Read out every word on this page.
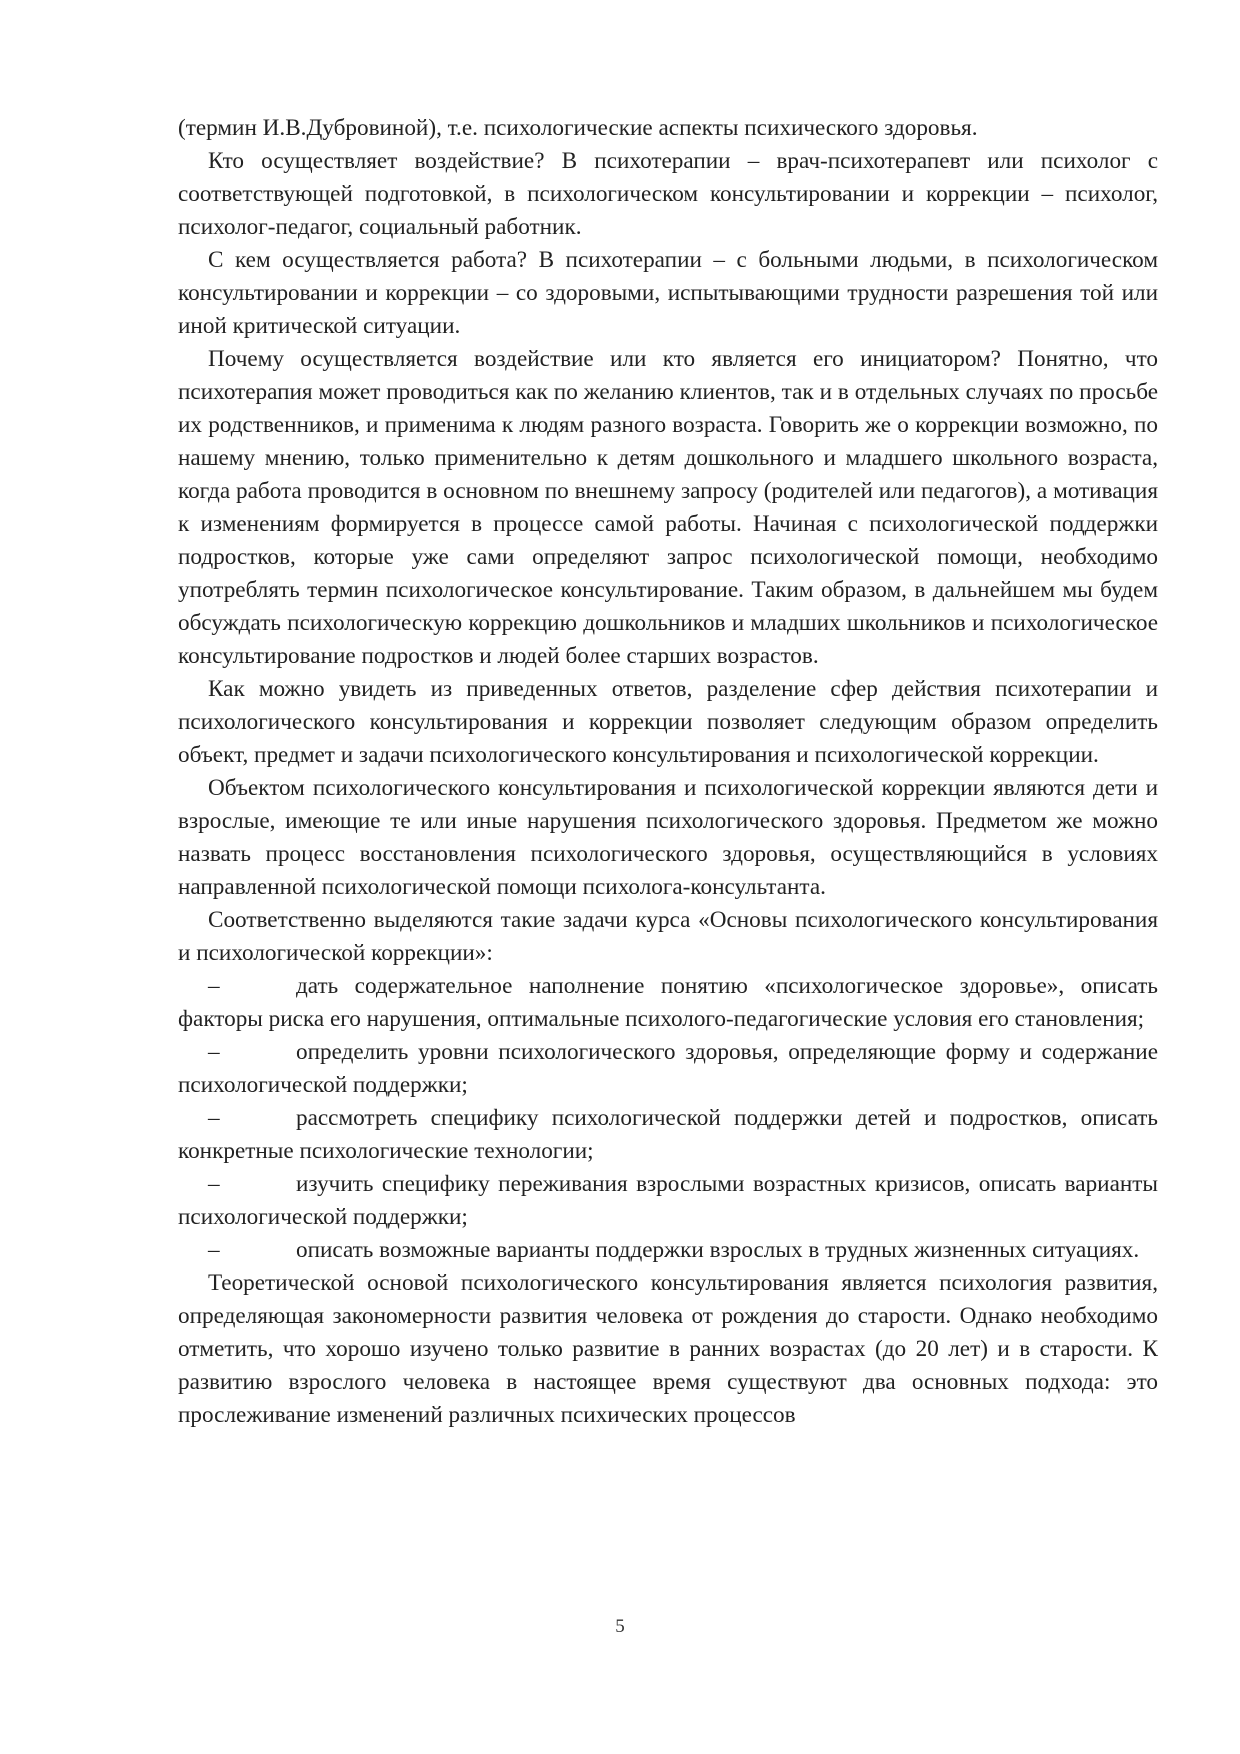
(термин И.В.Дубровиной), т.е. психологические аспекты психического здоровья.

Кто осуществляет воздействие? В психотерапии – врач-психотерапевт или психолог с соответствующей подготовкой, в психологическом консультировании и коррекции – психолог, психолог-педагог, социальный работник.

С кем осуществляется работа? В психотерапии – с больными людьми, в психологическом консультировании и коррекции – со здоровыми, испытывающими трудности разрешения той или иной критической ситуации.

Почему осуществляется воздействие или кто является его инициатором? Понятно, что психотерапия может проводиться как по желанию клиентов, так и в отдельных случаях по просьбе их родственников, и применима к людям разного возраста. Говорить же о коррекции возможно, по нашему мнению, только применительно к детям дошкольного и младшего школьного возраста, когда работа проводится в основном по внешнему запросу (родителей или педагогов), а мотивация к изменениям формируется в процессе самой работы. Начиная с психологической поддержки подростков, которые уже сами определяют запрос психологической помощи, необходимо употреблять термин психологическое консультирование. Таким образом, в дальнейшем мы будем обсуждать психологическую коррекцию дошкольников и младших школьников и психологическое консультирование подростков и людей более старших возрастов.

Как можно увидеть из приведенных ответов, разделение сфер действия психотерапии и психологического консультирования и коррекции позволяет следующим образом определить объект, предмет и задачи психологического консультирования и психологической коррекции.

Объектом психологического консультирования и психологической коррекции являются дети и взрослые, имеющие те или иные нарушения психологического здоровья. Предметом же можно назвать процесс восстановления психологического здоровья, осуществляющийся в условиях направленной психологической помощи психолога-консультанта.

Соответственно выделяются такие задачи курса «Основы психологического консультирования и психологической коррекции»:

–	дать содержательное наполнение понятию «психологическое здоровье», описать факторы риска его нарушения, оптимальные психолого-педагогические условия его становления;

–	определить уровни психологического здоровья, определяющие форму и содержание психологической поддержки;

–	рассмотреть специфику психологической поддержки детей и подростков, описать конкретные психологические технологии;

–	изучить специфику переживания взрослыми возрастных кризисов, описать варианты психологической поддержки;

–	описать возможные варианты поддержки взрослых в трудных жизненных ситуациях.

Теоретической основой психологического консультирования является психология развития, определяющая закономерности развития человека от рождения до старости. Однако необходимо отметить, что хорошо изучено только развитие в ранних возрастах (до 20 лет) и в старости. К развитию взрослого человека в настоящее время существуют два основных подхода: это прослеживание изменений различных психических процессов

5
